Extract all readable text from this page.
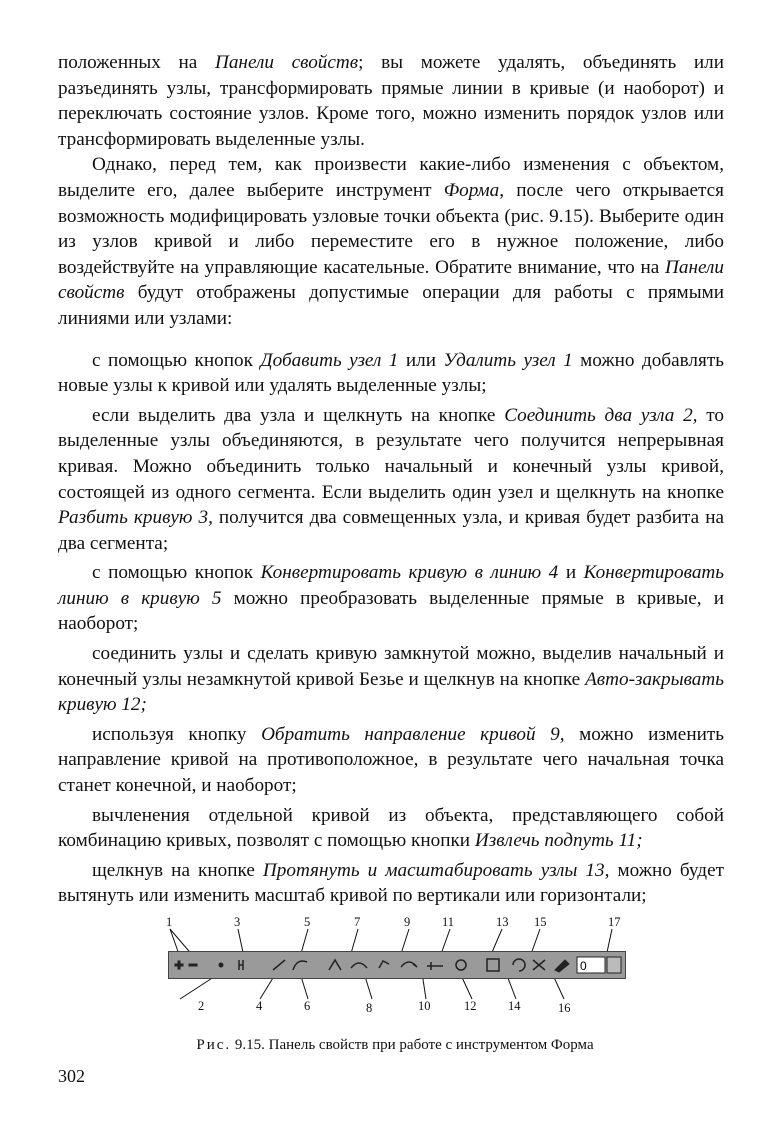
положенных на Панели свойств; вы можете удалять, объединять или разъединять узлы, трансформировать прямые линии в кривые (и наоборот) и переключать состояние узлов. Кроме того, можно изменить порядок узлов или трансформировать выделенные узлы.

Однако, перед тем, как произвести какие-либо изменения с объектом, выделите его, далее выберите инструмент Форма, после чего открывается возможность модифицировать узловые точки объекта (рис. 9.15). Выберите один из узлов кривой и либо переместите его в нужное положение, либо воздействуйте на управляющие касательные. Обратите внимание, что на Панели свойств будут отображены допустимые операции для работы с прямыми линиями или узлами:

с помощью кнопок Добавить узел 1 или Удалить узел 1 можно добавлять новые узлы к кривой или удалять выделенные узлы;

если выделить два узла и щелкнуть на кнопке Соединить два узла 2, то выделенные узлы объединяются, в результате чего получится непрерывная кривая. Можно объединить только начальный и конечный узлы кривой, состоящей из одного сегмента. Если выделить один узел и щелкнуть на кнопке Разбить кривую 3, получится два совмещенных узла, и кривая будет разбита на два сегмента;

с помощью кнопок Конвертировать кривую в линию 4 и Конвертировать линию в кривую 5 можно преобразовать выделенные прямые в кривые, и наоборот;

соединить узлы и сделать кривую замкнутой можно, выделив начальный и конечный узлы незамкнутой кривой Безье и щелкнув на кнопке Авто-закрывать кривую 12;

используя кнопку Обратить направление кривой 9, можно изменить направление кривой на противоположное, в результате чего начальная точка станет конечной, и наоборот;

вычленения отдельной кривой из объекта, представляющего собой комбинацию кривых, позволят с помощью кнопки Извлечь подпуть 11;

щелкнув на кнопке Протянуть и масштабировать узлы 13, можно будет вытянуть или изменить масштаб кривой по вертикали или горизонтали;

1	3	5	7	9	11	13 15	17
0
2	4	6	8	10	12	14	16
Рис. 9.15. Панель свойств при работе с инструментом Форма
302
